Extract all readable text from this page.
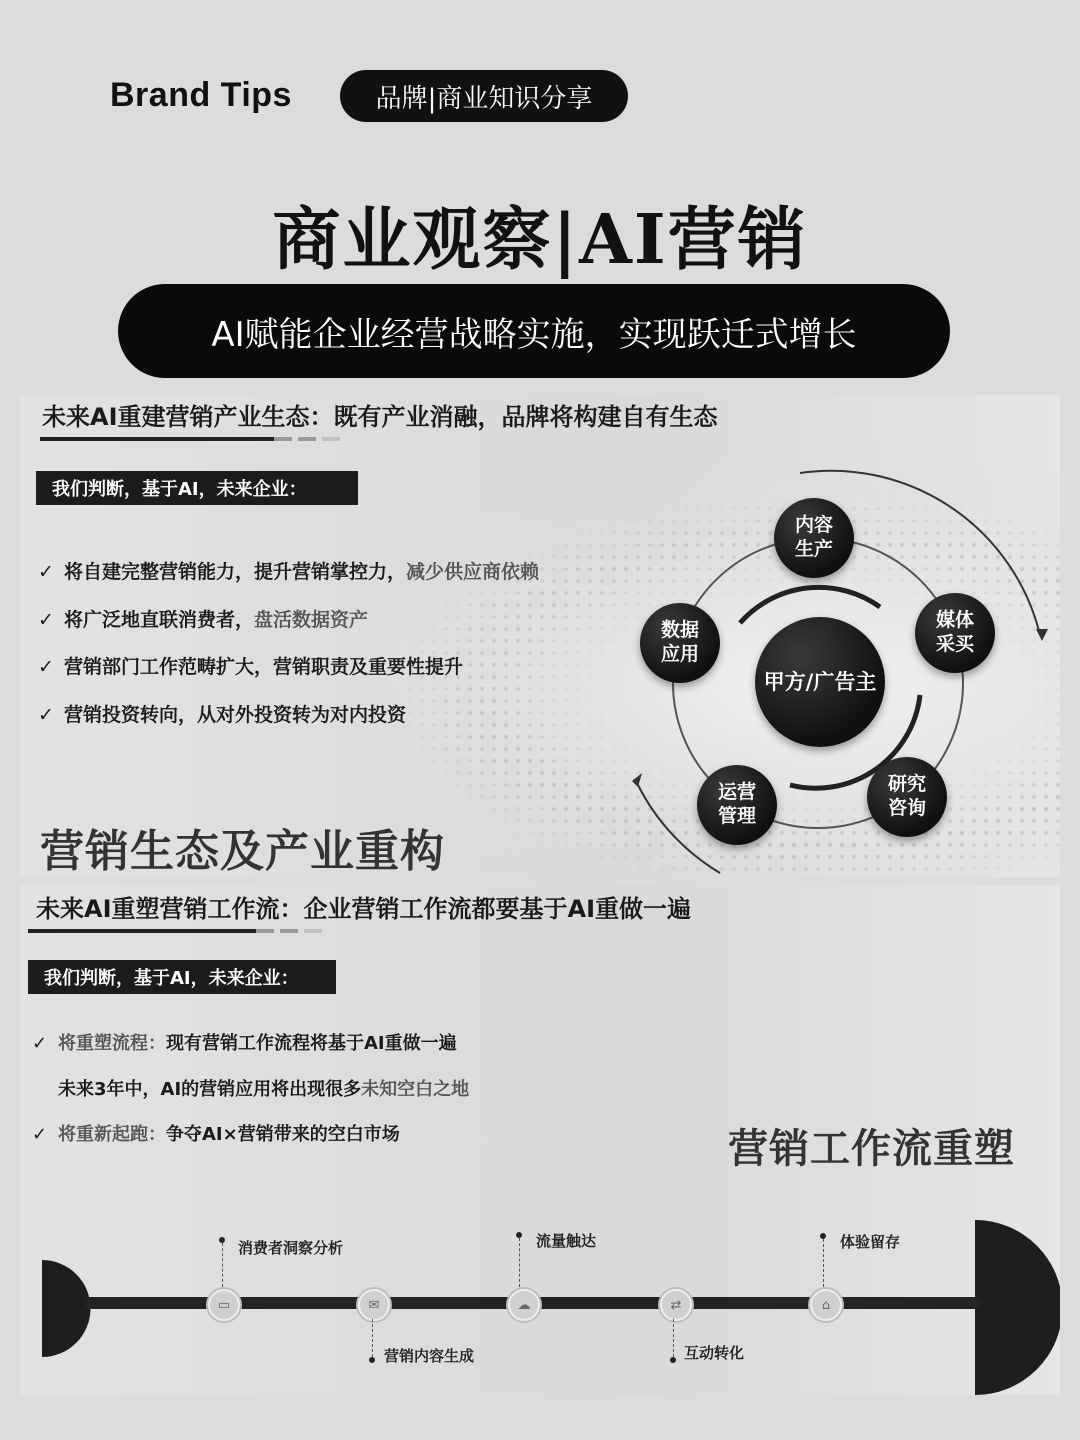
Brand Tips	品牌|商业知识分享
商业观察|AI营销
AI赋能企业经营战略实施，实现跃迁式增长
未来AI重建营销产业生态：既有产业消融，品牌将构建自有生态
我们判断，基于AI，未来企业：
✓ 将自建完整营销能力，提升营销掌控力，减少供应商依赖
✓ 将广泛地直联消费者，盘活数据资产
✓ 营销部门工作范畴扩大，营销职责及重要性提升
✓ 营销投资转向，从对外投资转为对内投资
营销生态及产业重构
甲方/广告主
内容
生产
媒体
采买
研究
咨询
运营
管理
数据
应用
未来AI重塑营销工作流：企业营销工作流都要基于AI重做一遍
我们判断，基于AI，未来企业：
✓ 将重塑流程：现有营销工作流程将基于AI重做一遍
未来3年中，AI的营销应用将出现很多未知空白之地
✓ 将重新起跑：争夺AI×营销带来的空白市场	营销工作流重塑
▭	✉	☁	⇄	⌂
消费者洞察分析
营销内容生成
流量触达
互动转化
体验留存
